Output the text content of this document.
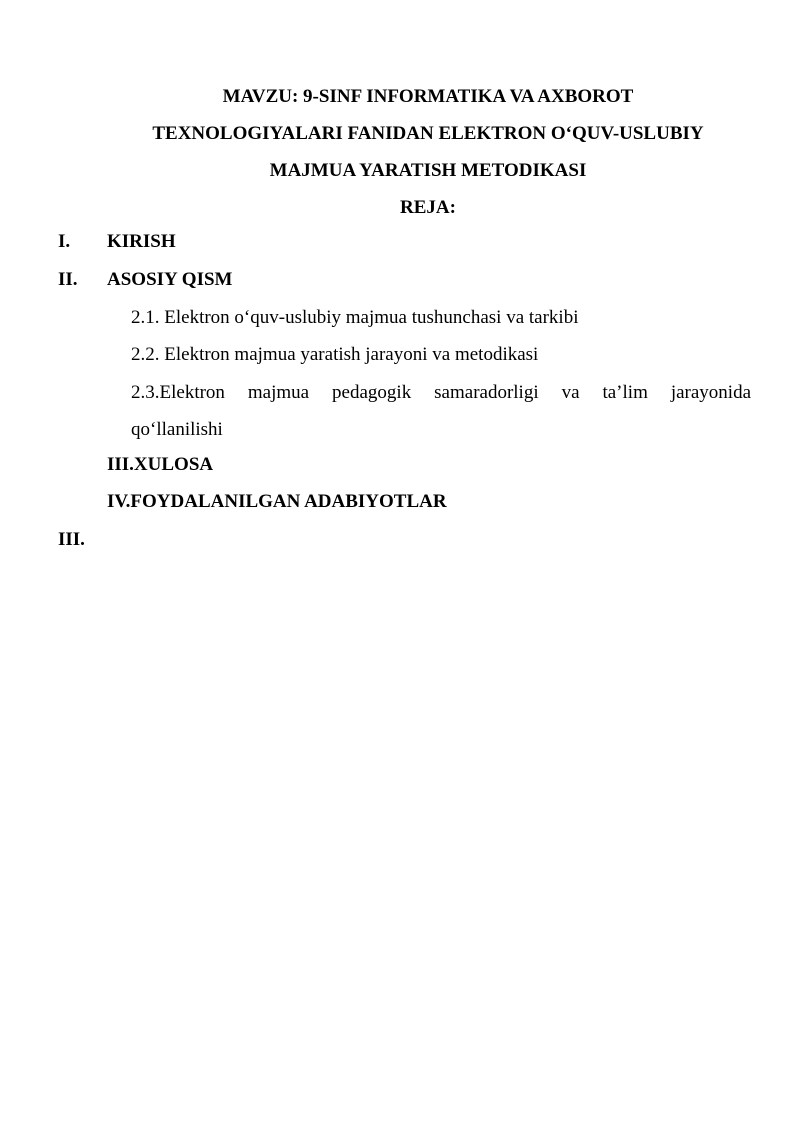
MAVZU: 9-SINF INFORMATIKA VA AXBOROT
TEXNOLOGIYALARI FANIDAN ELEKTRON O‘QUV-USLUBIY
MAJMUA YARATISH METODIKASI
REJA:
I. KIRISH
II. ASOSIY QISM
2.1. Elektron o‘quv-uslubiy majmua tushunchasi va tarkibi
2.2. Elektron majmua yaratish jarayoni va metodikasi
2.3.Elektron majmua pedagogik samaradorligi va ta’lim jarayonida
qo‘llanilishi
III.XULOSA
IV.FOYDALANILGAN ADABIYOTLAR
III.
